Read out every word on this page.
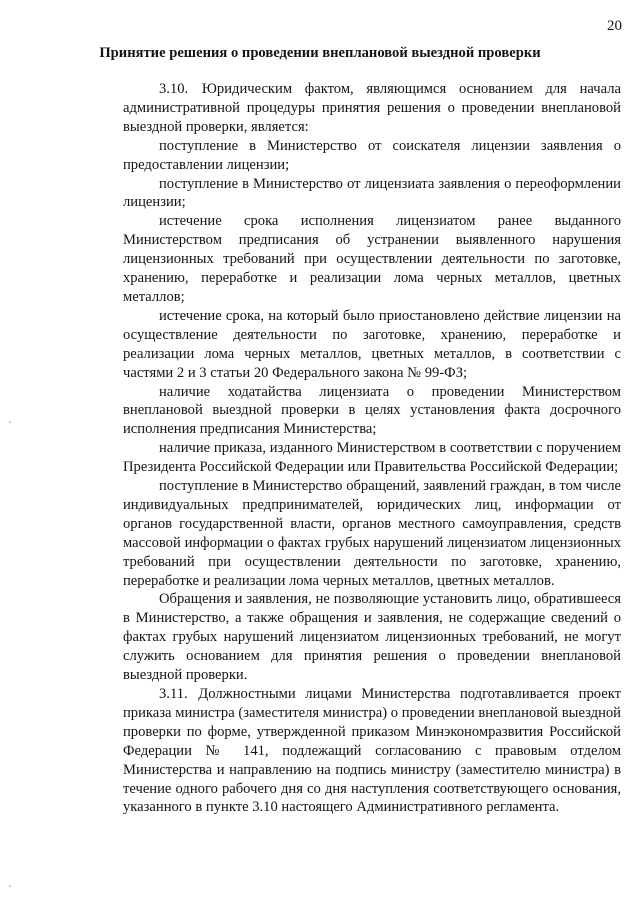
20
Принятие решения о проведении внеплановой выездной проверки

3.10. Юридическим фактом, являющимся основанием для начала административной процедуры принятия решения о проведении внеплановой выездной проверки, является:

поступление в Министерство от соискателя лицензии заявления о предоставлении лицензии;

поступление в Министерство от лицензиата заявления о переоформлении лицензии;

истечение срока исполнения лицензиатом ранее выданного Министерством предписания об устранении выявленного нарушения лицензионных требований при осуществлении деятельности по заготовке, хранению, переработке и реализации лома черных металлов, цветных металлов;

истечение срока, на который было приостановлено действие лицензии на осуществление деятельности по заготовке, хранению, переработке и реализации лома черных металлов, цветных металлов, в соответствии с частями 2 и 3 статьи 20 Федерального закона № 99-ФЗ;

наличие ходатайства лицензиата о проведении Министерством внеплановой выездной проверки в целях установления факта досрочного исполнения предписания Министерства;

наличие приказа, изданного Министерством в соответствии с поручением Президента Российской Федерации или Правительства Российской Федерации;

поступление в Министерство обращений, заявлений граждан, в том числе индивидуальных предпринимателей, юридических лиц, информации от органов государственной власти, органов местного самоуправления, средств массовой информации о фактах грубых нарушений лицензиатом лицензионных требований при осуществлении деятельности по заготовке, хранению, переработке и реализации лома черных металлов, цветных металлов.

Обращения и заявления, не позволяющие установить лицо, обратившееся в Министерство, а также обращения и заявления, не содержащие сведений о фактах грубых нарушений лицензиатом лицензионных требований, не могут служить основанием для принятия решения о проведении внеплановой выездной проверки.

3.11. Должностными лицами Министерства подготавливается проект приказа министра (заместителя министра) о проведении внеплановой выездной проверки по форме, утвержденной приказом Минэкономразвития Российской Федерации № 141, подлежащий согласованию с правовым отделом Министерства и направлению на подпись министру (заместителю министра) в течение одного рабочего дня со дня наступления соответствующего основания, указанного в пункте 3.10 настоящего Административного регламента.
